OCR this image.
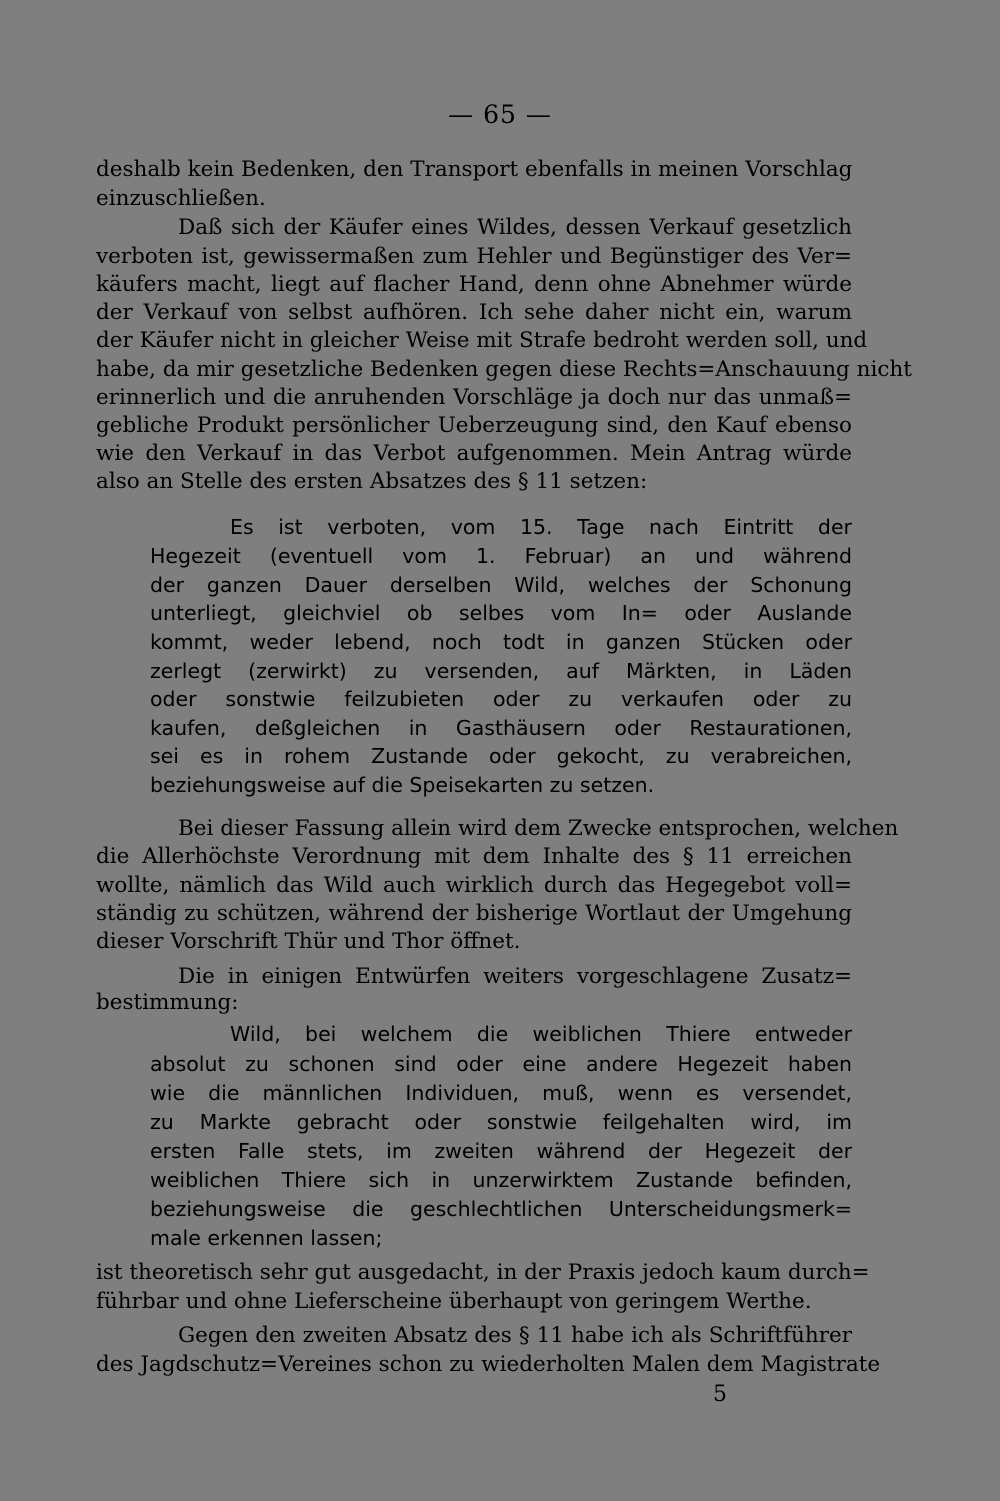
— 65 —
deshalb kein Bedenken, den Transport ebenfalls in meinen Vorschlag
einzuschließen.
Daß sich der Käufer eines Wildes, dessen Verkauf gesetzlich
verboten ist, gewissermaßen zum Hehler und Begünstiger des Ver=
käufers macht, liegt auf flacher Hand, denn ohne Abnehmer würde
der Verkauf von selbst aufhören. Ich sehe daher nicht ein, warum
der Käufer nicht in gleicher Weise mit Strafe bedroht werden soll, und
habe, da mir gesetzliche Bedenken gegen diese Rechts=Anschauung nicht
erinnerlich und die anruhenden Vorschläge ja doch nur das unmaß=
gebliche Produkt persönlicher Ueberzeugung sind, den Kauf ebenso
wie den Verkauf in das Verbot aufgenommen. Mein Antrag würde
also an Stelle des ersten Absatzes des § 11 setzen:
Es ist verboten, vom 15. Tage nach Eintritt der
Hegezeit (eventuell vom 1. Februar) an und während
der ganzen Dauer derselben Wild, welches der Schonung
unterliegt, gleichviel ob selbes vom In= oder Auslande
kommt, weder lebend, noch todt in ganzen Stücken oder
zerlegt (zerwirkt) zu versenden, auf Märkten, in Läden
oder sonstwie feilzubieten oder zu verkaufen oder zu
kaufen, deßgleichen in Gasthäusern oder Restaurationen,
sei es in rohem Zustande oder gekocht, zu verabreichen,
beziehungsweise auf die Speisekarten zu setzen.
Bei dieser Fassung allein wird dem Zwecke entsprochen, welchen
die Allerhöchste Verordnung mit dem Inhalte des § 11 erreichen
wollte, nämlich das Wild auch wirklich durch das Hegegebot voll=
ständig zu schützen, während der bisherige Wortlaut der Umgehung
dieser Vorschrift Thür und Thor öffnet.
Die in einigen Entwürfen weiters vorgeschlagene Zusatz=
bestimmung:
Wild, bei welchem die weiblichen Thiere entweder
absolut zu schonen sind oder eine andere Hegezeit haben
wie die männlichen Individuen, muß, wenn es versendet,
zu Markte gebracht oder sonstwie feilgehalten wird, im
ersten Falle stets, im zweiten während der Hegezeit der
weiblichen Thiere sich in unzerwirktem Zustande befinden,
beziehungsweise die geschlechtlichen Unterscheidungsmerk=
male erkennen lassen;
ist theoretisch sehr gut ausgedacht, in der Praxis jedoch kaum durch=
führbar und ohne Lieferscheine überhaupt von geringem Werthe.
Gegen den zweiten Absatz des § 11 habe ich als Schriftführer
des Jagdschutz=Vereines schon zu wiederholten Malen dem Magistrate
5
